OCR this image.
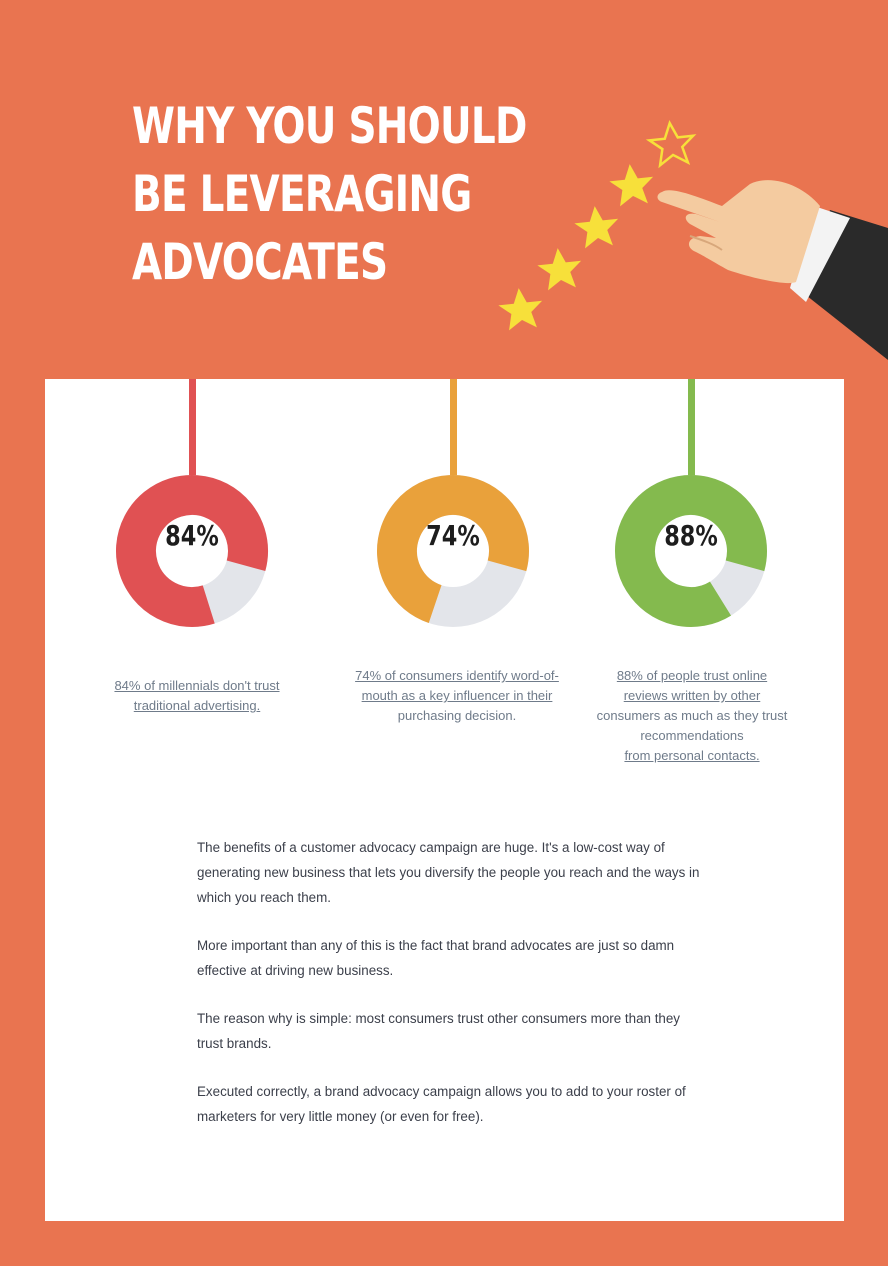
WHY YOU SHOULD
BE LEVERAGING
ADVOCATES
84%	74%	88%
84% of millennials don't trust
traditional advertising.
74% of consumers identify word-of-
mouth as a key influencer in their
purchasing decision.
88% of people trust online
reviews written by other
consumers as much as they trust
recommendations
from personal contacts.

The benefits of a customer advocacy campaign are huge. It's a low-cost way of generating new business that lets you diversify the people you reach and the ways in which you reach them.

More important than any of this is the fact that brand advocates are just so damn effective at driving new business.

The reason why is simple: most consumers trust other consumers more than they trust brands.

Executed correctly, a brand advocacy campaign allows you to add to your roster of marketers for very little money (or even for free).
